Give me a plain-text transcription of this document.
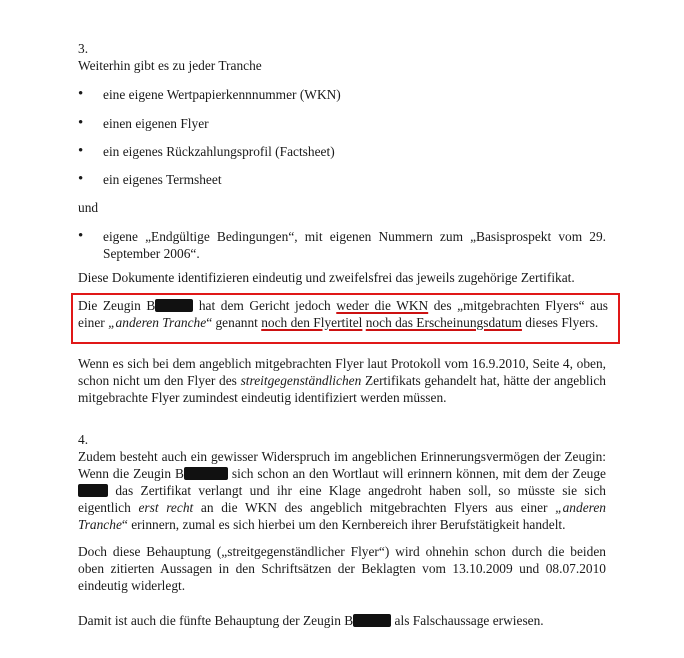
3.

Weiterhin gibt es zu jeder Tranche

• eine eigene Wertpapierkennnummer (WKN)

• einen eigenen Flyer

• ein eigenes Rückzahlungsprofil (Factsheet)

• ein eigenes Termsheet

und

• eigene „Endgültige Bedingungen“, mit eigenen Nummern zum „Basisprospekt vom 29. September 2006“.

Diese Dokumente identifizieren eindeutig und zweifelsfrei das jeweils zugehörige Zertifikat.

Die Zeugin B	hat dem Gericht jedoch weder die WKN des „mitgebrachten Flyers“ aus einer „anderen Tranche“ genannt noch den Flyertitel noch das Erscheinungsdatum dieses Flyers.

Wenn es sich bei dem angeblich mitgebrachten Flyer laut Protokoll vom 16.9.2010, Seite 4, oben, schon nicht um den Flyer des streitgegenständlichen Zertifikats gehandelt hat, hätte der angeblich mitgebrachte Flyer zumindest eindeutig identifiziert werden müssen.

4.

Zudem besteht auch ein gewisser Widerspruch im angeblichen Erinnerungsvermögen der Zeugin: Wenn die Zeugin B	sich schon an den Wortlaut will erinnern können, mit dem der Zeuge das Zertifikat verlangt und ihr eine Klage angedroht haben soll, so müsste sie sich eigentlich erst recht an die WKN des angeblich mitgebrachten Flyers aus einer „anderen Tranche“ erinnern, zumal es sich hierbei um den Kernbereich ihrer Berufstätigkeit handelt.

Doch diese Behauptung („streitgegenständlicher Flyer“) wird ohnehin schon durch die beiden oben zitierten Aussagen in den Schriftsätzen der Beklagten vom 13.10.2009 und 08.07.2010 eindeutig widerlegt.

Damit ist auch die fünfte Behauptung der Zeugin B	als Falschaussage erwiesen.
